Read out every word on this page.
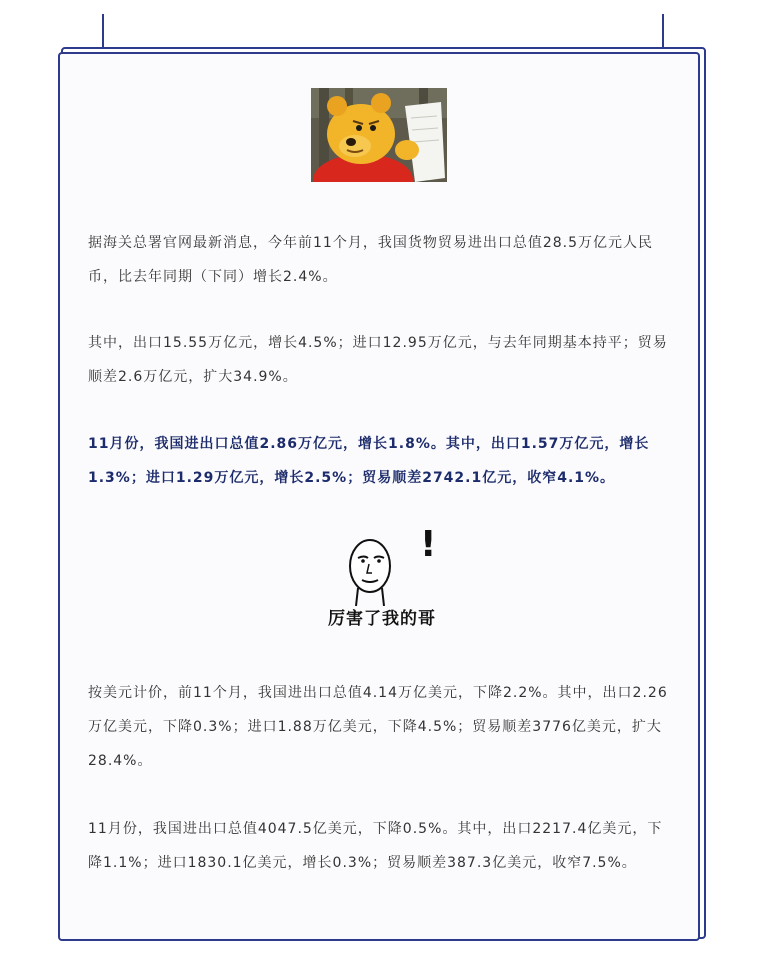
据海关总署官网最新消息，今年前11个月，我国货物贸易进出口总值28.5万亿元人民币，比去年同期（下同）增长2.4%。

其中，出口15.55万亿元，增长4.5%；进口12.95万亿元，与去年同期基本持平；贸易顺差2.6万亿元，扩大34.9%。

11月份，我国进出口总值2.86万亿元，增长1.8%。其中，出口1.57万亿元，增长1.3%；进口1.29万亿元，增长2.5%；贸易顺差2742.1亿元，收窄4.1%。

!
厉害了我的哥

按美元计价，前11个月，我国进出口总值4.14万亿美元，下降2.2%。其中，出口2.26万亿美元，下降0.3%；进口1.88万亿美元，下降4.5%；贸易顺差3776亿美元，扩大28.4%。

11月份，我国进出口总值4047.5亿美元，下降0.5%。其中，出口2217.4亿美元，下降1.1%；进口1830.1亿美元，增长0.3%；贸易顺差387.3亿美元，收窄7.5%。
